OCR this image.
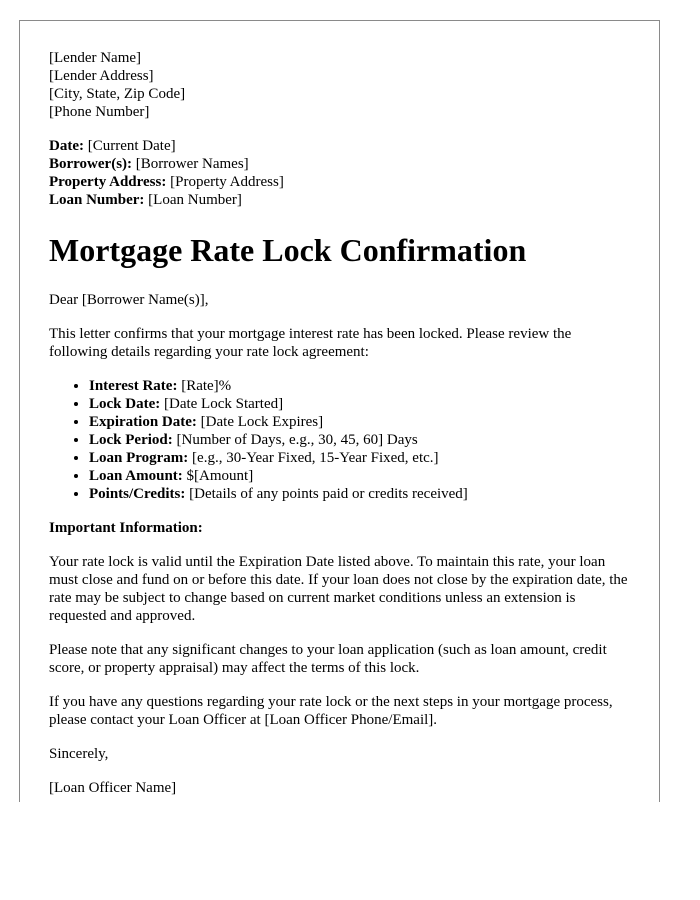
[Lender Name]

[Lender Address]

[City, State, Zip Code]

[Phone Number]

Date: [Current Date]

Borrower(s): [Borrower Names]

Property Address: [Property Address]

Loan Number: [Loan Number]

Mortgage Rate Lock Confirmation

Dear [Borrower Name(s)],

This letter confirms that your mortgage interest rate has been locked. Please review the following details regarding your rate lock agreement:

• Interest Rate: [Rate]%
• Lock Date: [Date Lock Started]
• Expiration Date: [Date Lock Expires]
• Lock Period: [Number of Days, e.g., 30, 45, 60] Days
• Loan Program: [e.g., 30-Year Fixed, 15-Year Fixed, etc.]
• Loan Amount: $[Amount]
• Points/Credits: [Details of any points paid or credits received]

Important Information:

Your rate lock is valid until the Expiration Date listed above. To maintain this rate, your loan must close and fund on or before this date. If your loan does not close by the expiration date, the rate may be subject to change based on current market conditions unless an extension is requested and approved.

Please note that any significant changes to your loan application (such as loan amount, credit score, or property appraisal) may affect the terms of this lock.

If you have any questions regarding your rate lock or the next steps in your mortgage process, please contact your Loan Officer at [Loan Officer Phone/Email].

Sincerely,

[Loan Officer Name]
